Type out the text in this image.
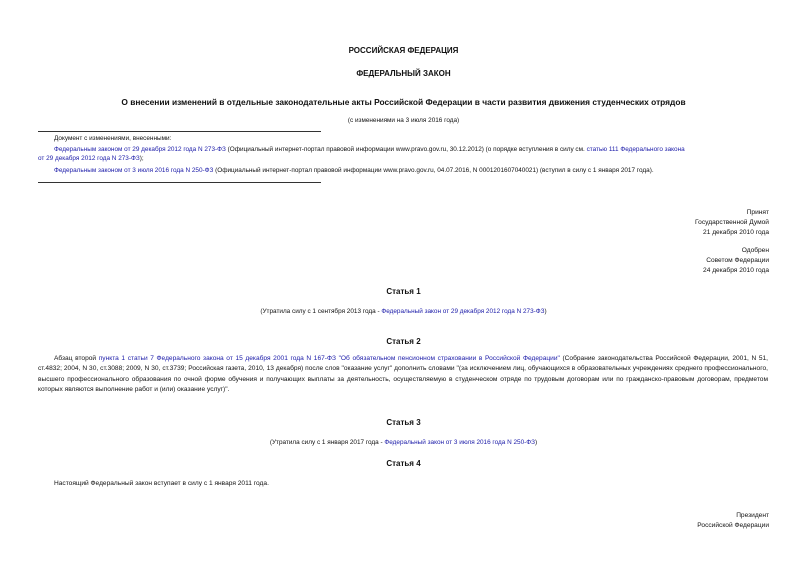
РОССИЙСКАЯ ФЕДЕРАЦИЯ
ФЕДЕРАЛЬНЫЙ ЗАКОН
О внесении изменений в отдельные законодательные акты Российской Федерации в части развития движения студенческих отрядов
(с изменениями на 3 июля 2016 года)
Документ с изменениями, внесенными:
Федеральным законом от 29 декабря 2012 года N 273-ФЗ (Официальный интернет-портал правовой информации www.pravo.gov.ru, 30.12.2012) (о порядке вступления в силу см. статью 111 Федерального закона
от 29 декабря 2012 года N 273-ФЗ);
Федеральным законом от 3 июля 2016 года N 250-ФЗ (Официальный интернет-портал правовой информации www.pravo.gov.ru, 04.07.2016, N 0001201607040021) (вступил в силу с 1 января 2017 года).
Принят
Государственной Думой
21 декабря 2010 года
Одобрен
Советом Федерации
24 декабря 2010 года
Статья 1
(Утратила силу с 1 сентября 2013 года - Федеральный закон от 29 декабря 2012 года N 273-ФЗ)
Статья 2
Абзац второй пункта 1 статьи 7 Федерального закона от 15 декабря 2001 года N 167-ФЗ "Об обязательном пенсионном страховании в Российской Федерации" (Собрание законодательства Российской Федерации, 2001, N 51, ст.4832; 2004, N 30, ст.3088; 2009, N 30, ст.3739; Российская газета, 2010, 13 декабря) после слов "оказание услуг" дополнить словами "(за исключением лиц, обучающихся в образовательных учреждениях среднего профессионального, высшего профессионального образования по очной форме обучения и получающих выплаты за деятельность, осуществляемую в студенческом отряде по трудовым договорам или по гражданско-правовым договорам, предметом которых являются выполнение работ и (или) оказание услуг)".
Статья 3
(Утратила силу с 1 января 2017 года - Федеральный закон от 3 июля 2016 года N 250-ФЗ)
Статья 4
Настоящий Федеральный закон вступает в силу с 1 января 2011 года.
Президент
Российской Федерации
